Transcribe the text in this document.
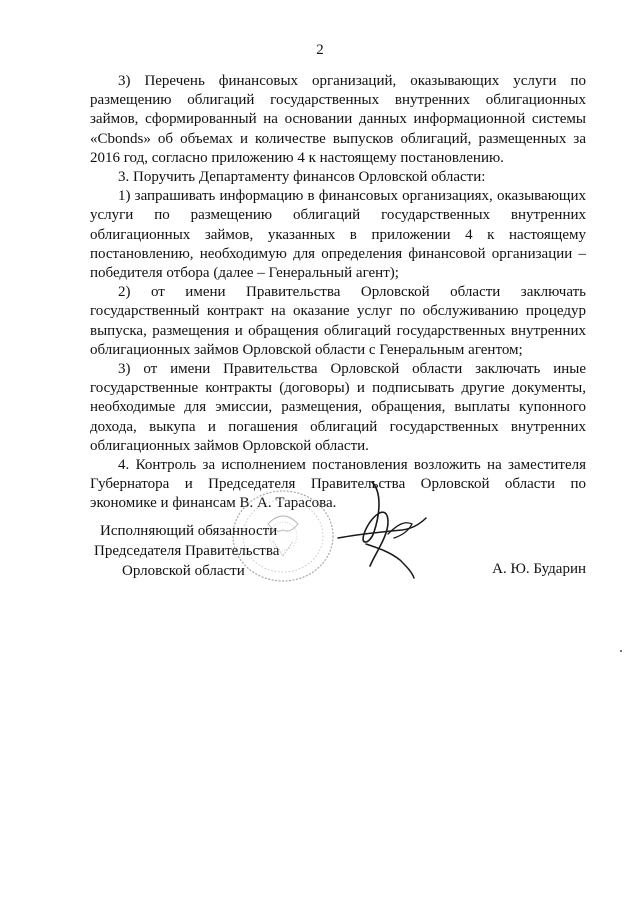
2

3) Перечень финансовых организаций, оказывающих услуги по размещению облигаций государственных внутренних облигационных займов, сформированный на основании данных информационной системы «Cbonds» об объемах и количестве выпусков облигаций, размещенных за 2016 год, согласно приложению 4 к настоящему постановлению.

3. Поручить Департаменту финансов Орловской области:

1) запрашивать информацию в финансовых организациях, оказывающих услуги по размещению облигаций государственных внутренних облигационных займов, указанных в приложении 4 к настоящему постановлению, необходимую для определения финансовой организации – победителя отбора (далее – Генеральный агент);

2) от имени Правительства Орловской области заключать государственный контракт на оказание услуг по обслуживанию процедур выпуска, размещения и обращения облигаций государственных внутренних облигационных займов Орловской области с Генеральным агентом;

3) от имени Правительства Орловской области заключать иные государственные контракты (договоры) и подписывать другие документы, необходимые для эмиссии, размещения, обращения, выплаты купонного дохода, выкупа и погашения облигаций государственных внутренних облигационных займов Орловской области.

4. Контроль за исполнением постановления возложить на заместителя Губернатора и Председателя Правительства Орловской области по экономике и финансам В. А. Тарасова.

Исполняющий обязанности
Председателя Правительства
Орловской области	А. Ю. Бударин
